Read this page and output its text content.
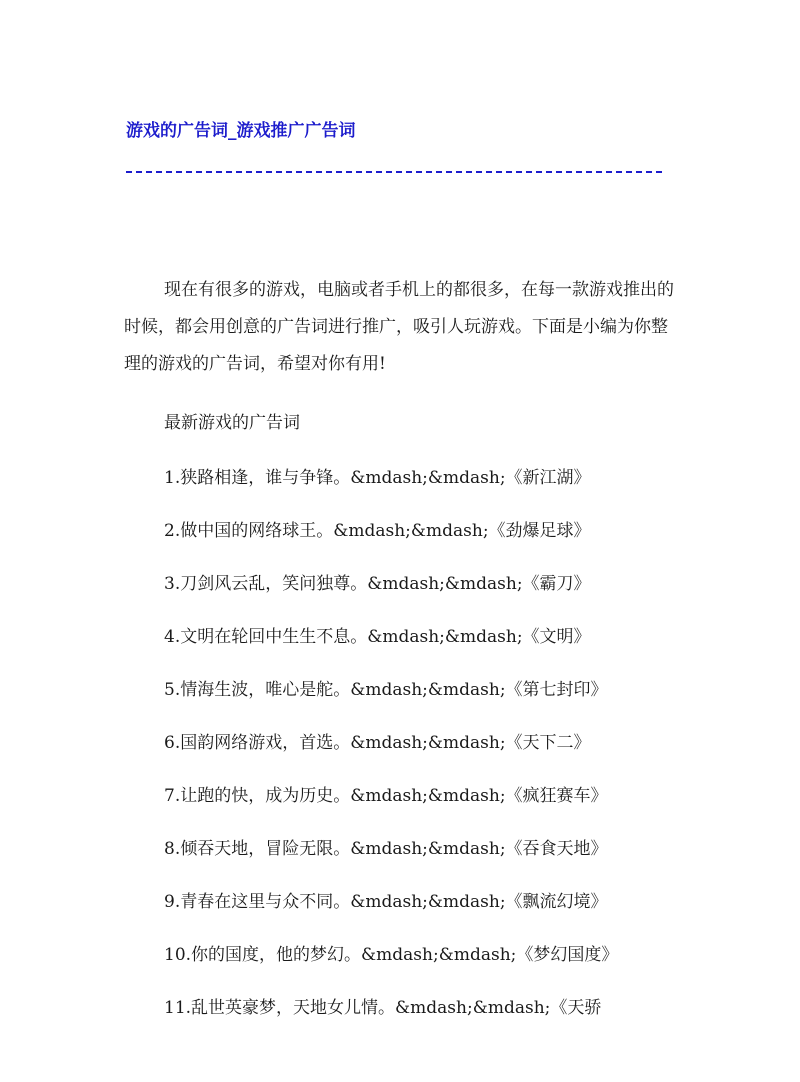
游戏的广告词_游戏推广广告词

现在有很多的游戏，电脑或者手机上的都很多，在每一款游戏推出的时候，都会用创意的广告词进行推广，吸引人玩游戏。下面是小编为你整理的游戏的广告词，希望对你有用!

最新游戏的广告词

1.狭路相逢，谁与争锋。&mdash;&mdash;《新江湖》
2.做中国的网络球王。&mdash;&mdash;《劲爆足球》
3.刀剑风云乱，笑问独尊。&mdash;&mdash;《霸刀》
4.文明在轮回中生生不息。&mdash;&mdash;《文明》
5.情海生波，唯心是舵。&mdash;&mdash;《第七封印》
6.国韵网络游戏，首选。&mdash;&mdash;《天下二》
7.让跑的快，成为历史。&mdash;&mdash;《疯狂赛车》
8.倾吞天地，冒险无限。&mdash;&mdash;《吞食天地》
9.青春在这里与众不同。&mdash;&mdash;《飘流幻境》
10.你的国度，他的梦幻。&mdash;&mdash;《梦幻国度》
11.乱世英豪梦，天地女儿情。&mdash;&mdash;《天骄
